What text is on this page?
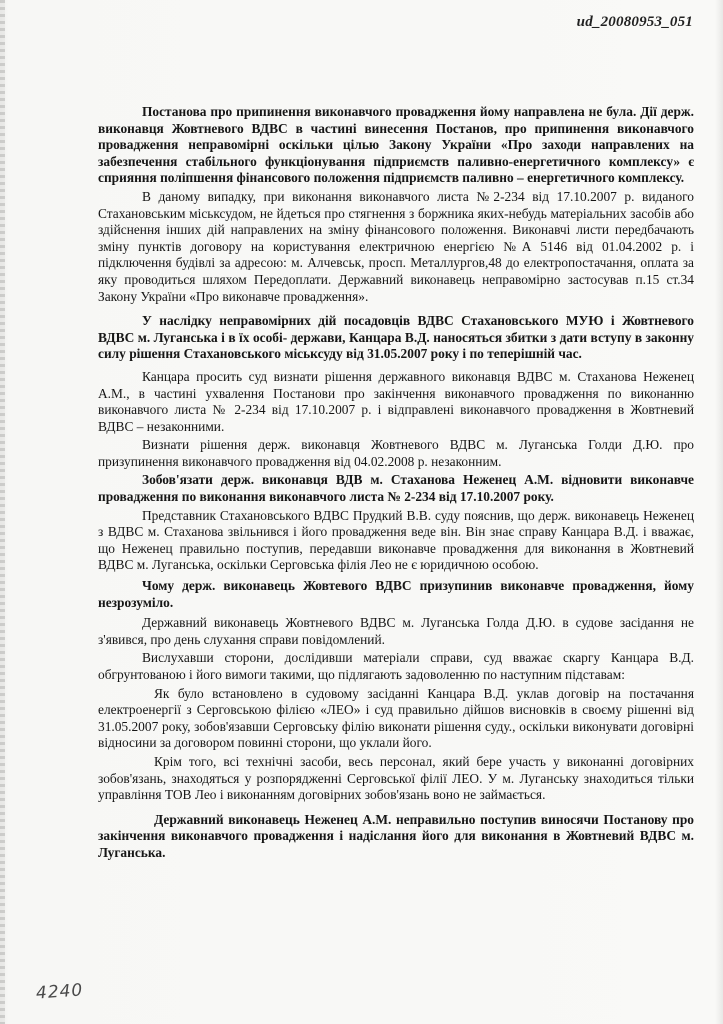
ud_20080953_051

Постанова про припинення виконавчого провадження йому направлена не була. Дії держ. виконавця Жовтневого ВДВС в частині винесення Постанов, про припинення виконавчого провадження неправомірні оскільки цілью Закону України «Про заходи направлених на забезпечення стабільного функціонування підприємств паливно-енергетичного комплексу» є сприяння поліпшення фінансового положення підприємств паливно – енергетичного комплексу.

В даному випадку, при виконання виконавчого листа №2-234 від 17.10.2007 р. виданого Стахановським міськсудом, не йдеться про стягнення з боржника яких-небудь матеріальних засобів або здійснення інших дій направлених на зміну фінансового положення. Виконавчі листи передбачають зміну пунктів договору на користування електричною енергією №А 5146 від 01.04.2002 р. і підключення будівлі за адресою: м. Алчевськ, просп. Металлургов,48 до електропостачання, оплата за яку проводиться шляхом Передоплати. Державний виконавець неправомірно застосував п.15 ст.34 Закону України «Про виконавче провадження».

У наслідку неправомірних дій посадовців ВДВС Стахановського МУЮ і Жовтневого ВДВС м. Луганська і в їх особі- держави, Канцара В.Д. наносяться збитки з дати вступу в законну силу рішення Стахановського міськсуду від 31.05.2007 року і по теперішній час.

Канцара просить суд визнати рішення державного виконавця ВДВС м. Стаханова Неженец А.М., в частині ухвалення Постанови про закінчення виконавчого провадження по виконанню виконавчого листа № 2-234 від 17.10.2007 р. і відправлені виконавчого провадження в Жовтневий ВДВС – незаконними.

Визнати рішення держ. виконавця Жовтневого ВДВС м. Луганська Голди Д.Ю. про призупинення виконавчого провадження від 04.02.2008 р. незаконним.

Зобов'язати держ. виконавця ВДВ м. Стаханова Неженец А.М. відновити виконавче провадження по виконання виконавчого листа № 2-234 від 17.10.2007 року.

Представник Стахановського ВДВС Прудкий В.В. суду пояснив, що держ. виконавець Неженец з ВДВС м. Стаханова звільнився і його провадження веде він. Він знає справу Канцара В.Д. і вважає, що Неженец правильно поступив, передавши виконавче провадження для виконання в Жовтневий ВДВС м. Луганська, оскільки Серговська філія Лео не є юридичною особою.

Чому держ. виконавець Жовтевого ВДВС призупинив виконавче провадження, йому незрозуміло.

Державний виконавець Жовтневого ВДВС м. Луганська Голда Д.Ю. в судове засідання не з'явився, про день слухання справи повідомлений.

Вислухавши сторони, дослідивши матеріали справи, суд вважає скаргу Канцара В.Д. обгрунтованою і його вимоги такими, що підлягають задоволенню по наступним підставам:

Як було встановлено в судовому засіданні Канцара В.Д. уклав договір на постачання електроенергії з Серговською філією «ЛЕО» і суд правильно дійшов висновків в своєму рішенні від 31.05.2007 року, зобов'язавши Серговську філію виконати рішення суду., оскільки виконувати договірні відносини за договором повинні сторони, що уклали його.

Крім того, всі технічні засоби, весь персонал, який бере участь у виконанні договірних зобов'язань, знаходяться у розпорядженні Серговської філії ЛЕО. У м. Луганську знаходиться тільки управління ТОВ Лео і виконанням договірних зобов'язань воно не займається.

Державний виконавець Неженец А.М. неправильно поступив виносячи Постанову про закінчення виконавчого провадження і надіслання його для виконання в Жовтневий ВДВС м. Луганська.

4240
